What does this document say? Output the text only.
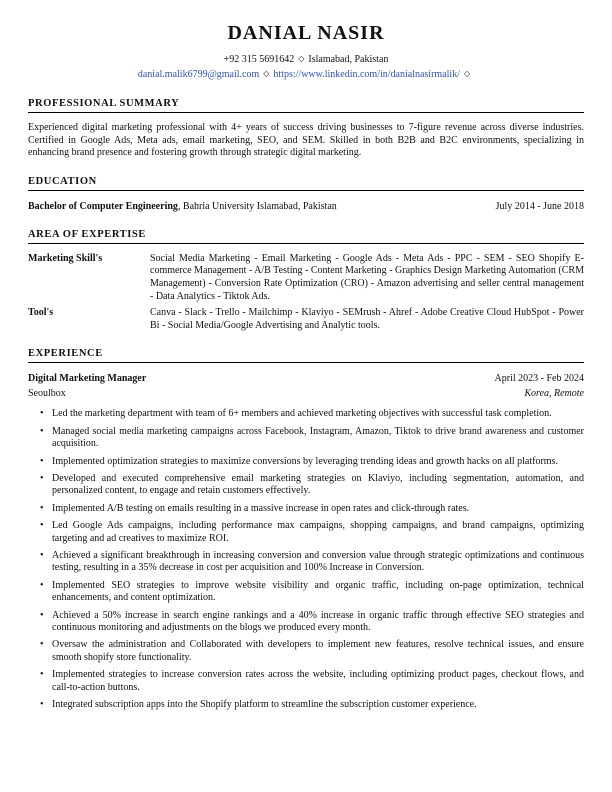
DANIAL NASIR
+92 315 5691642 ◇ Islamabad, Pakistan
danial.malik6799@gmail.com ◇ https://www.linkedin.com/in/danialnasirmalik/ ◇
PROFESSIONAL SUMMARY

Experienced digital marketing professional with 4+ years of success driving businesses to 7-figure revenue across diverse industries. Certified in Google Ads, Meta ads, email marketing, SEO, and SEM. Skilled in both B2B and B2C environments, specializing in enhancing brand presence and fostering growth through strategic digital marketing.

EDUCATION
Bachelor of Computer Engineering, Bahria University Islamabad, Pakistan	July 2014 - June 2018
AREA OF EXPERTISE
Marketing Skill's	Social Media Marketing - Email Marketing - Google Ads - Meta Ads - PPC - SEM - SEO Shopify E-commerce Management - A/B Testing - Content Marketing - Graphics Design Marketing Automation (CRM Management) - Conversion Rate Optimization (CRO) - Amazon advertising and seller central management - Data Analytics - Tiktok Ads.
Tool's	Canva - Slack - Trello - Mailchimp - Klaviyo - SEMrush - Ahref - Adobe Creative Cloud HubSpot - Power Bi - Social Media/Google Advertising and Analytic tools.
EXPERIENCE
Digital Marketing Manager	April 2023 - Feb 2024
Seoulbox	Korea, Remote
• Led the marketing department with team of 6+ members and achieved marketing objectives with successful task completion.
• Managed social media marketing campaigns across Facebook, Instagram, Amazon, Tiktok to drive brand awareness and customer acquisition.
• Implemented optimization strategies to maximize conversions by leveraging trending ideas and growth hacks on all platforms.
• Developed and executed comprehensive email marketing strategies on Klaviyo, including segmentation, automation, and personalized content, to engage and retain customers effectively.
• Implemented A/B testing on emails resulting in a massive increase in open rates and click-through rates.
• Led Google Ads campaigns, including performance max campaigns, shopping campaigns, and brand campaigns, optimizing targeting and ad creatives to maximize ROI.
• Achieved a significant breakthrough in increasing conversion and conversion value through strategic optimizations and continuous testing, resulting in a 35% decrease in cost per acquisition and 100% Increase in Conversion.
• Implemented SEO strategies to improve website visibility and organic traffic, including on-page optimization, technical enhancements, and content optimization.
• Achieved a 50% increase in search engine rankings and a 40% increase in organic traffic through effective SEO strategies and continuous monitoring and adjustments on the blogs we produced every month.
• Oversaw the administration and Collaborated with developers to implement new features, resolve technical issues, and ensure smooth shopify store functionality.
• Implemented strategies to increase conversion rates across the website, including optimizing product pages, checkout flows, and call-to-action buttons.
• Integrated subscription apps into the Shopify platform to streamline the subscription customer experience.
